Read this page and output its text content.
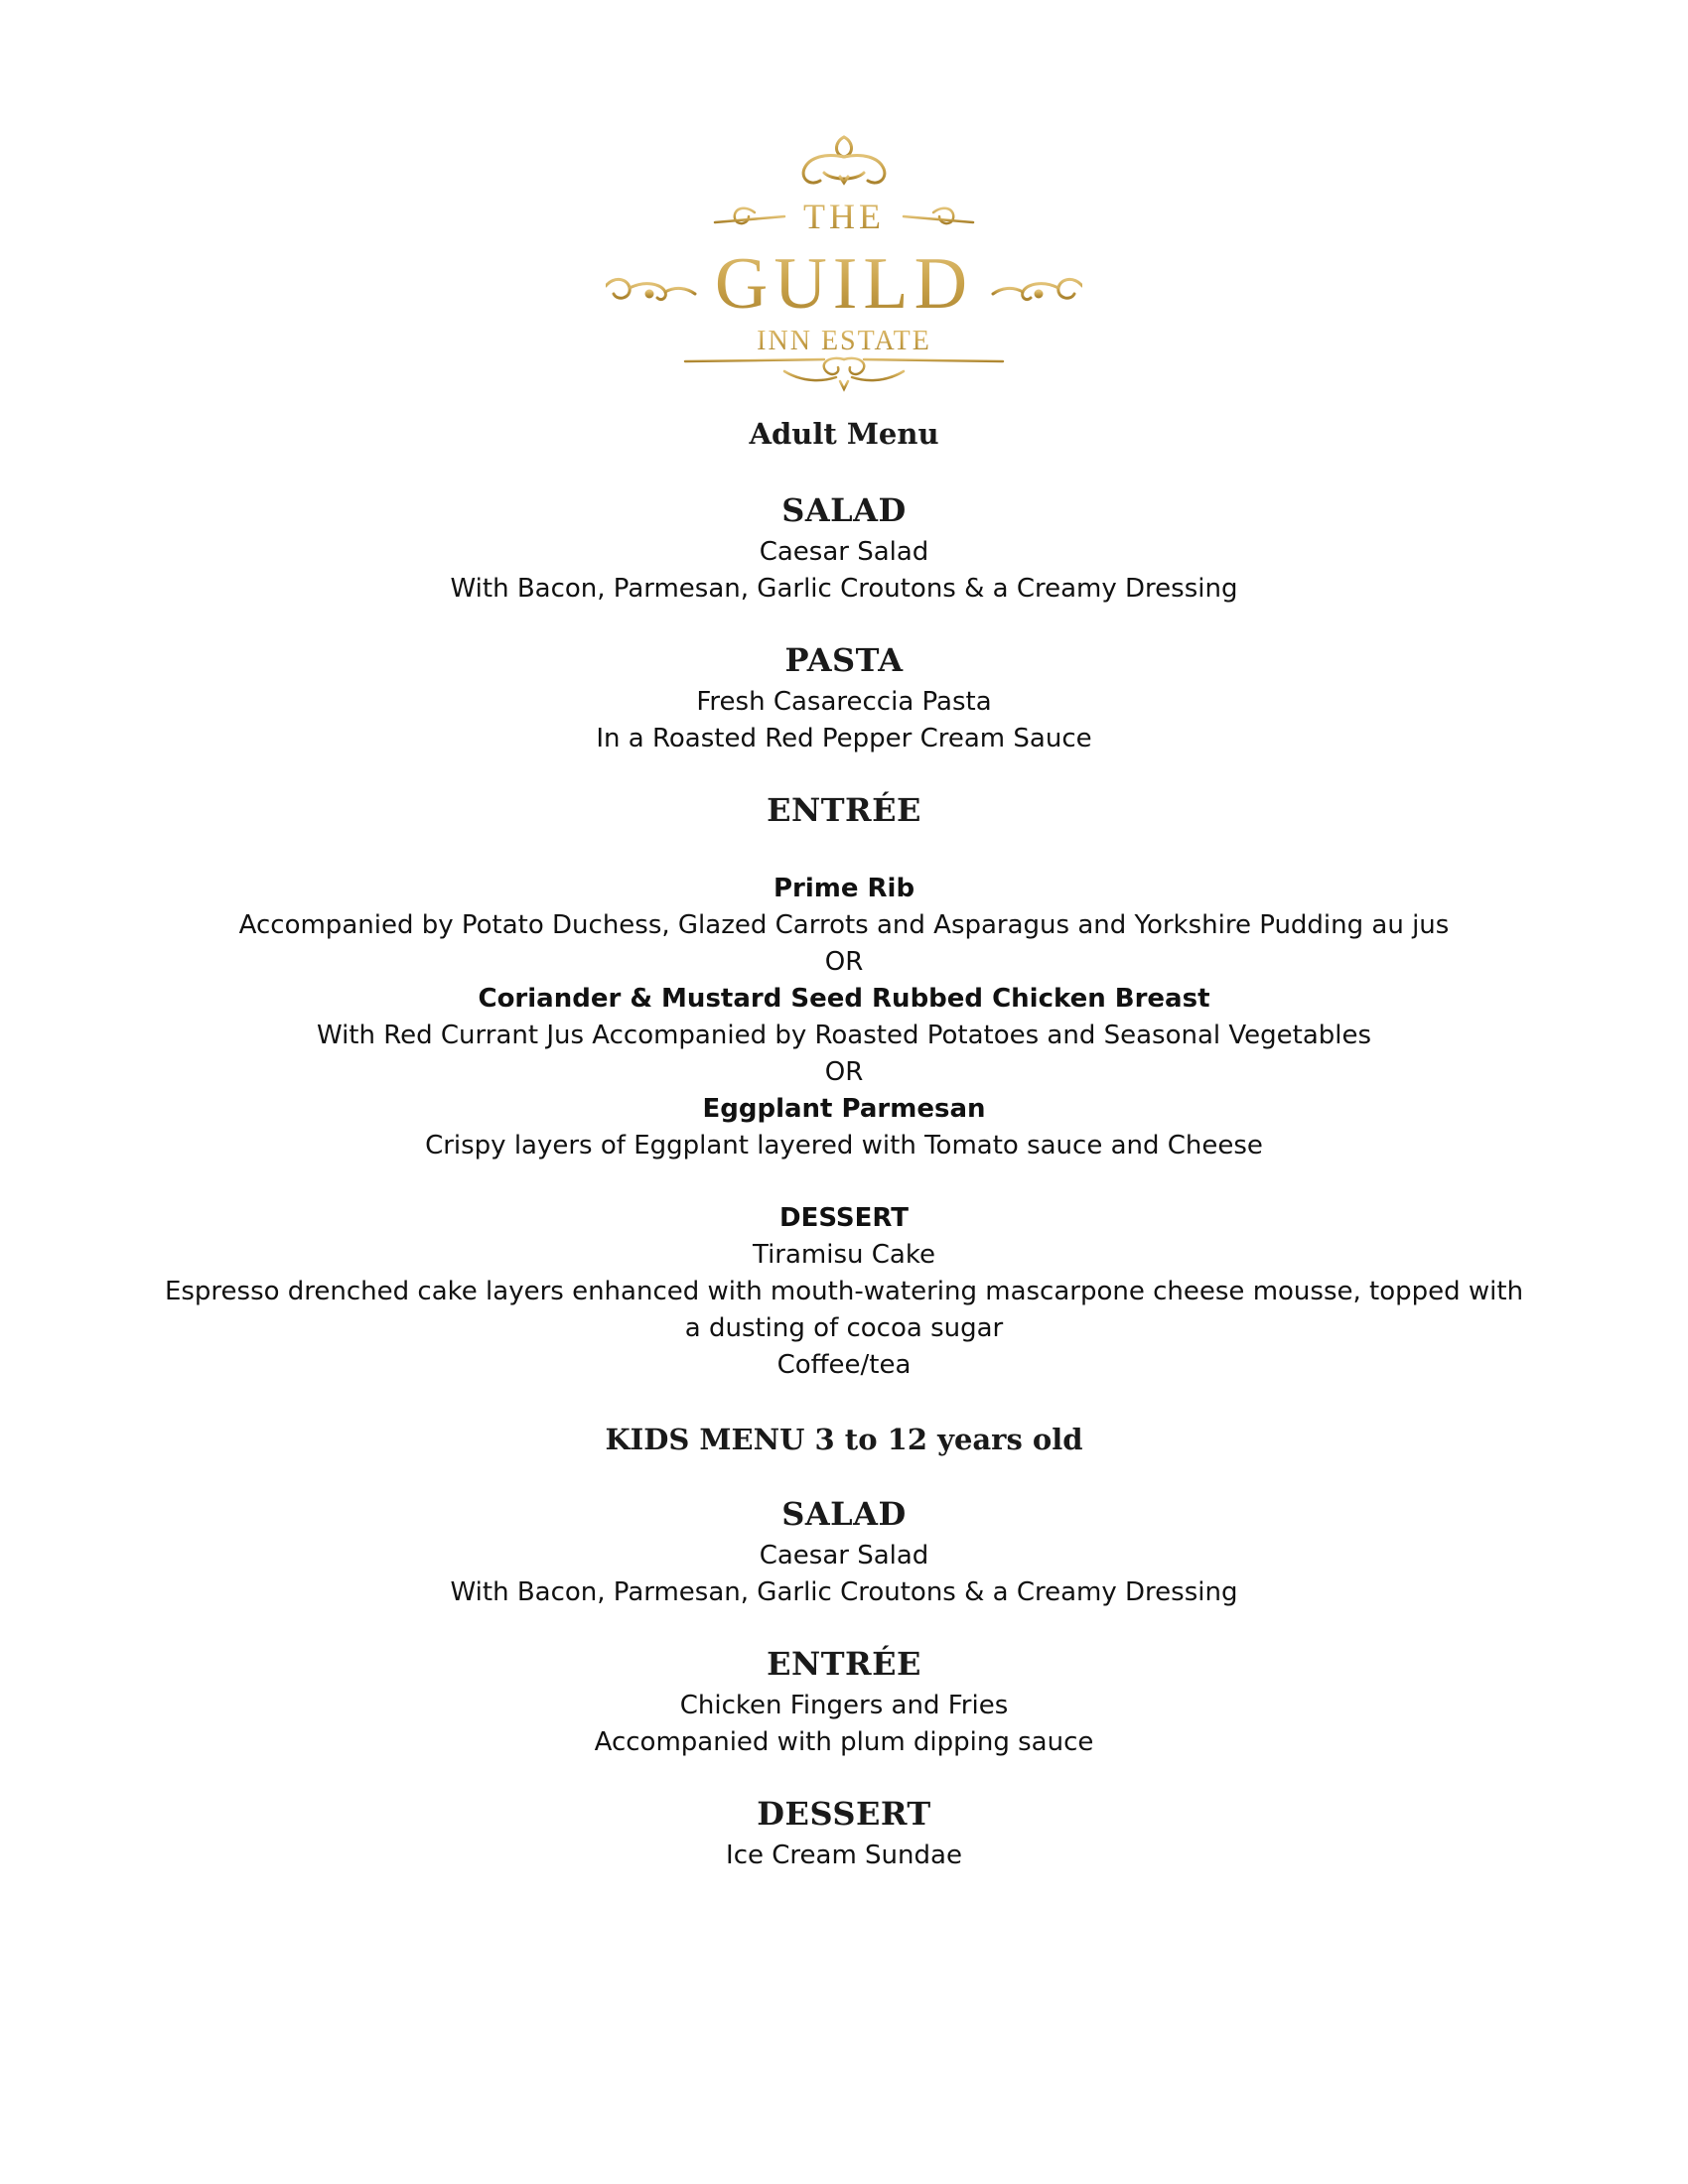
THE
GUILD
INN ESTATE
Adult Menu
SALAD
Caesar Salad
With Bacon, Parmesan, Garlic Croutons & a Creamy Dressing
PASTA
Fresh Casareccia Pasta
In a Roasted Red Pepper Cream Sauce
ENTRÉE
Prime Rib
Accompanied by Potato Duchess, Glazed Carrots and Asparagus and Yorkshire Pudding au jus
OR
Coriander & Mustard Seed Rubbed Chicken Breast
With Red Currant Jus Accompanied by Roasted Potatoes and Seasonal Vegetables
OR
Eggplant Parmesan
Crispy layers of Eggplant layered with Tomato sauce and Cheese
DESSERT
Tiramisu Cake
Espresso drenched cake layers enhanced with mouth-watering mascarpone cheese mousse, topped with
a dusting of cocoa sugar
Coffee/tea
KIDS MENU 3 to 12 years old
SALAD
Caesar Salad
With Bacon, Parmesan, Garlic Croutons & a Creamy Dressing
ENTRÉE
Chicken Fingers and Fries
Accompanied with plum dipping sauce
DESSERT
Ice Cream Sundae
